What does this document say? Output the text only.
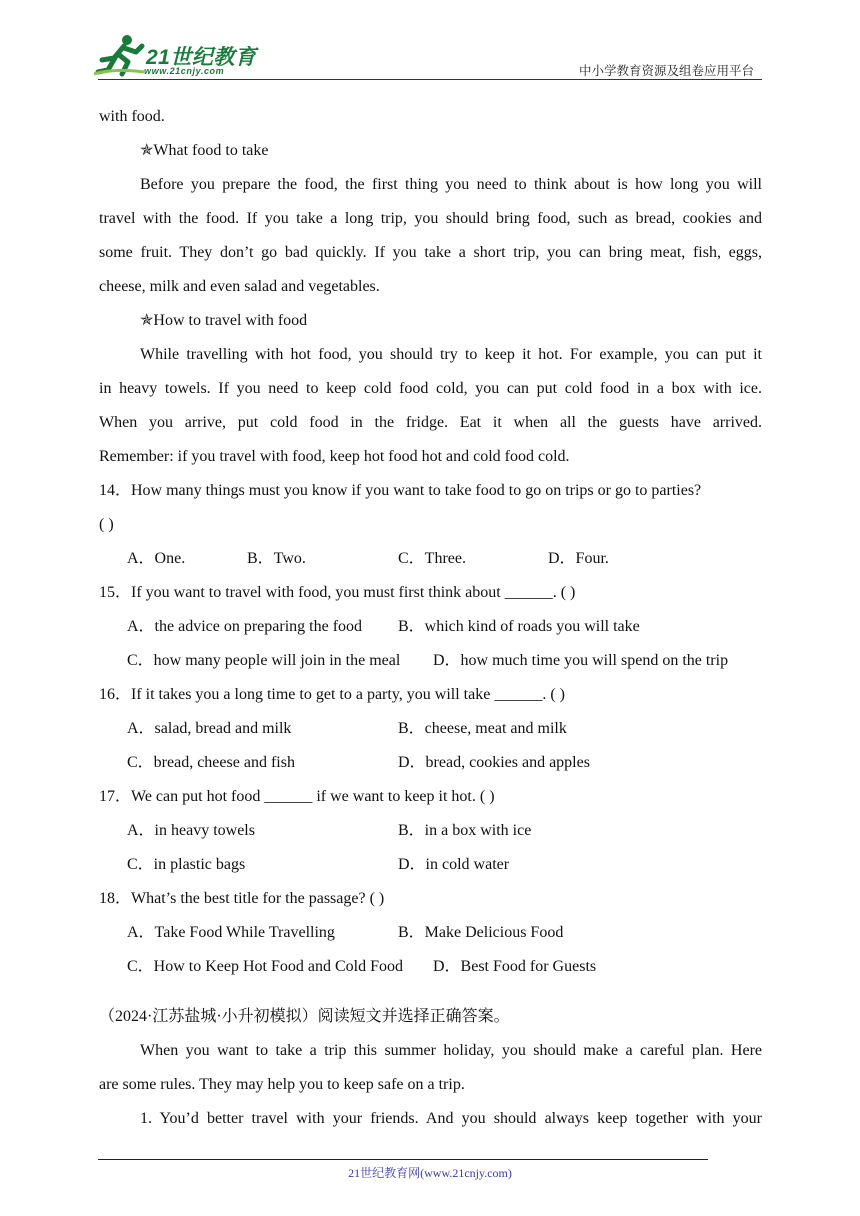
21世纪教育
www.21cnjy.com	中小学教育资源及组卷应用平台
with food.
✯What food to take
Before you prepare the food, the first thing you need to think about is how long you will
travel with the food. If you take a long trip, you should bring food, such as bread, cookies and
some fruit. They don’t go bad quickly. If you take a short trip, you can bring meat, fish, eggs,
cheese, milk and even salad and vegetables.
✯How to travel with food
While travelling with hot food, you should try to keep it hot. For example, you can put it
in heavy towels. If you need to keep cold food cold, you can put cold food in a box with ice.
When you arrive, put cold food in the fridge. Eat it when all the guests have arrived.
Remember: if you travel with food, keep hot food hot and cold food cold.
14．How many things must you know if you want to take food to go on trips or go to parties?
( )
A．One.	B．Two.	C．Three.	D．Four.
15．If you want to travel with food, you must first think about ______. ( )
A．the advice on preparing the food B．which kind of roads you will take
C．how many people will join in the meal D．how much time you will spend on the trip
16．If it takes you a long time to get to a party, you will take ______. ( )
A．salad, bread and milk	B．cheese, meat and milk
C．bread, cheese and fish	D．bread, cookies and apples
17．We can put hot food ______ if we want to keep it hot. ( )
A．in heavy towels	B．in a box with ice
C．in plastic bags	D．in cold water
18．What’s the best title for the passage? ( )
A．Take Food While Travelling	B．Make Delicious Food
C．How to Keep Hot Food and Cold Food D．Best Food for Guests
（2024·江苏盐城·小升初模拟）阅读短文并选择正确答案。
When you want to take a trip this summer holiday, you should make a careful plan. Here
are some rules. They may help you to keep safe on a trip.
1. You’d better travel with your friends. And you should always keep together with your
21世纪教育网(www.21cnjy.com)
